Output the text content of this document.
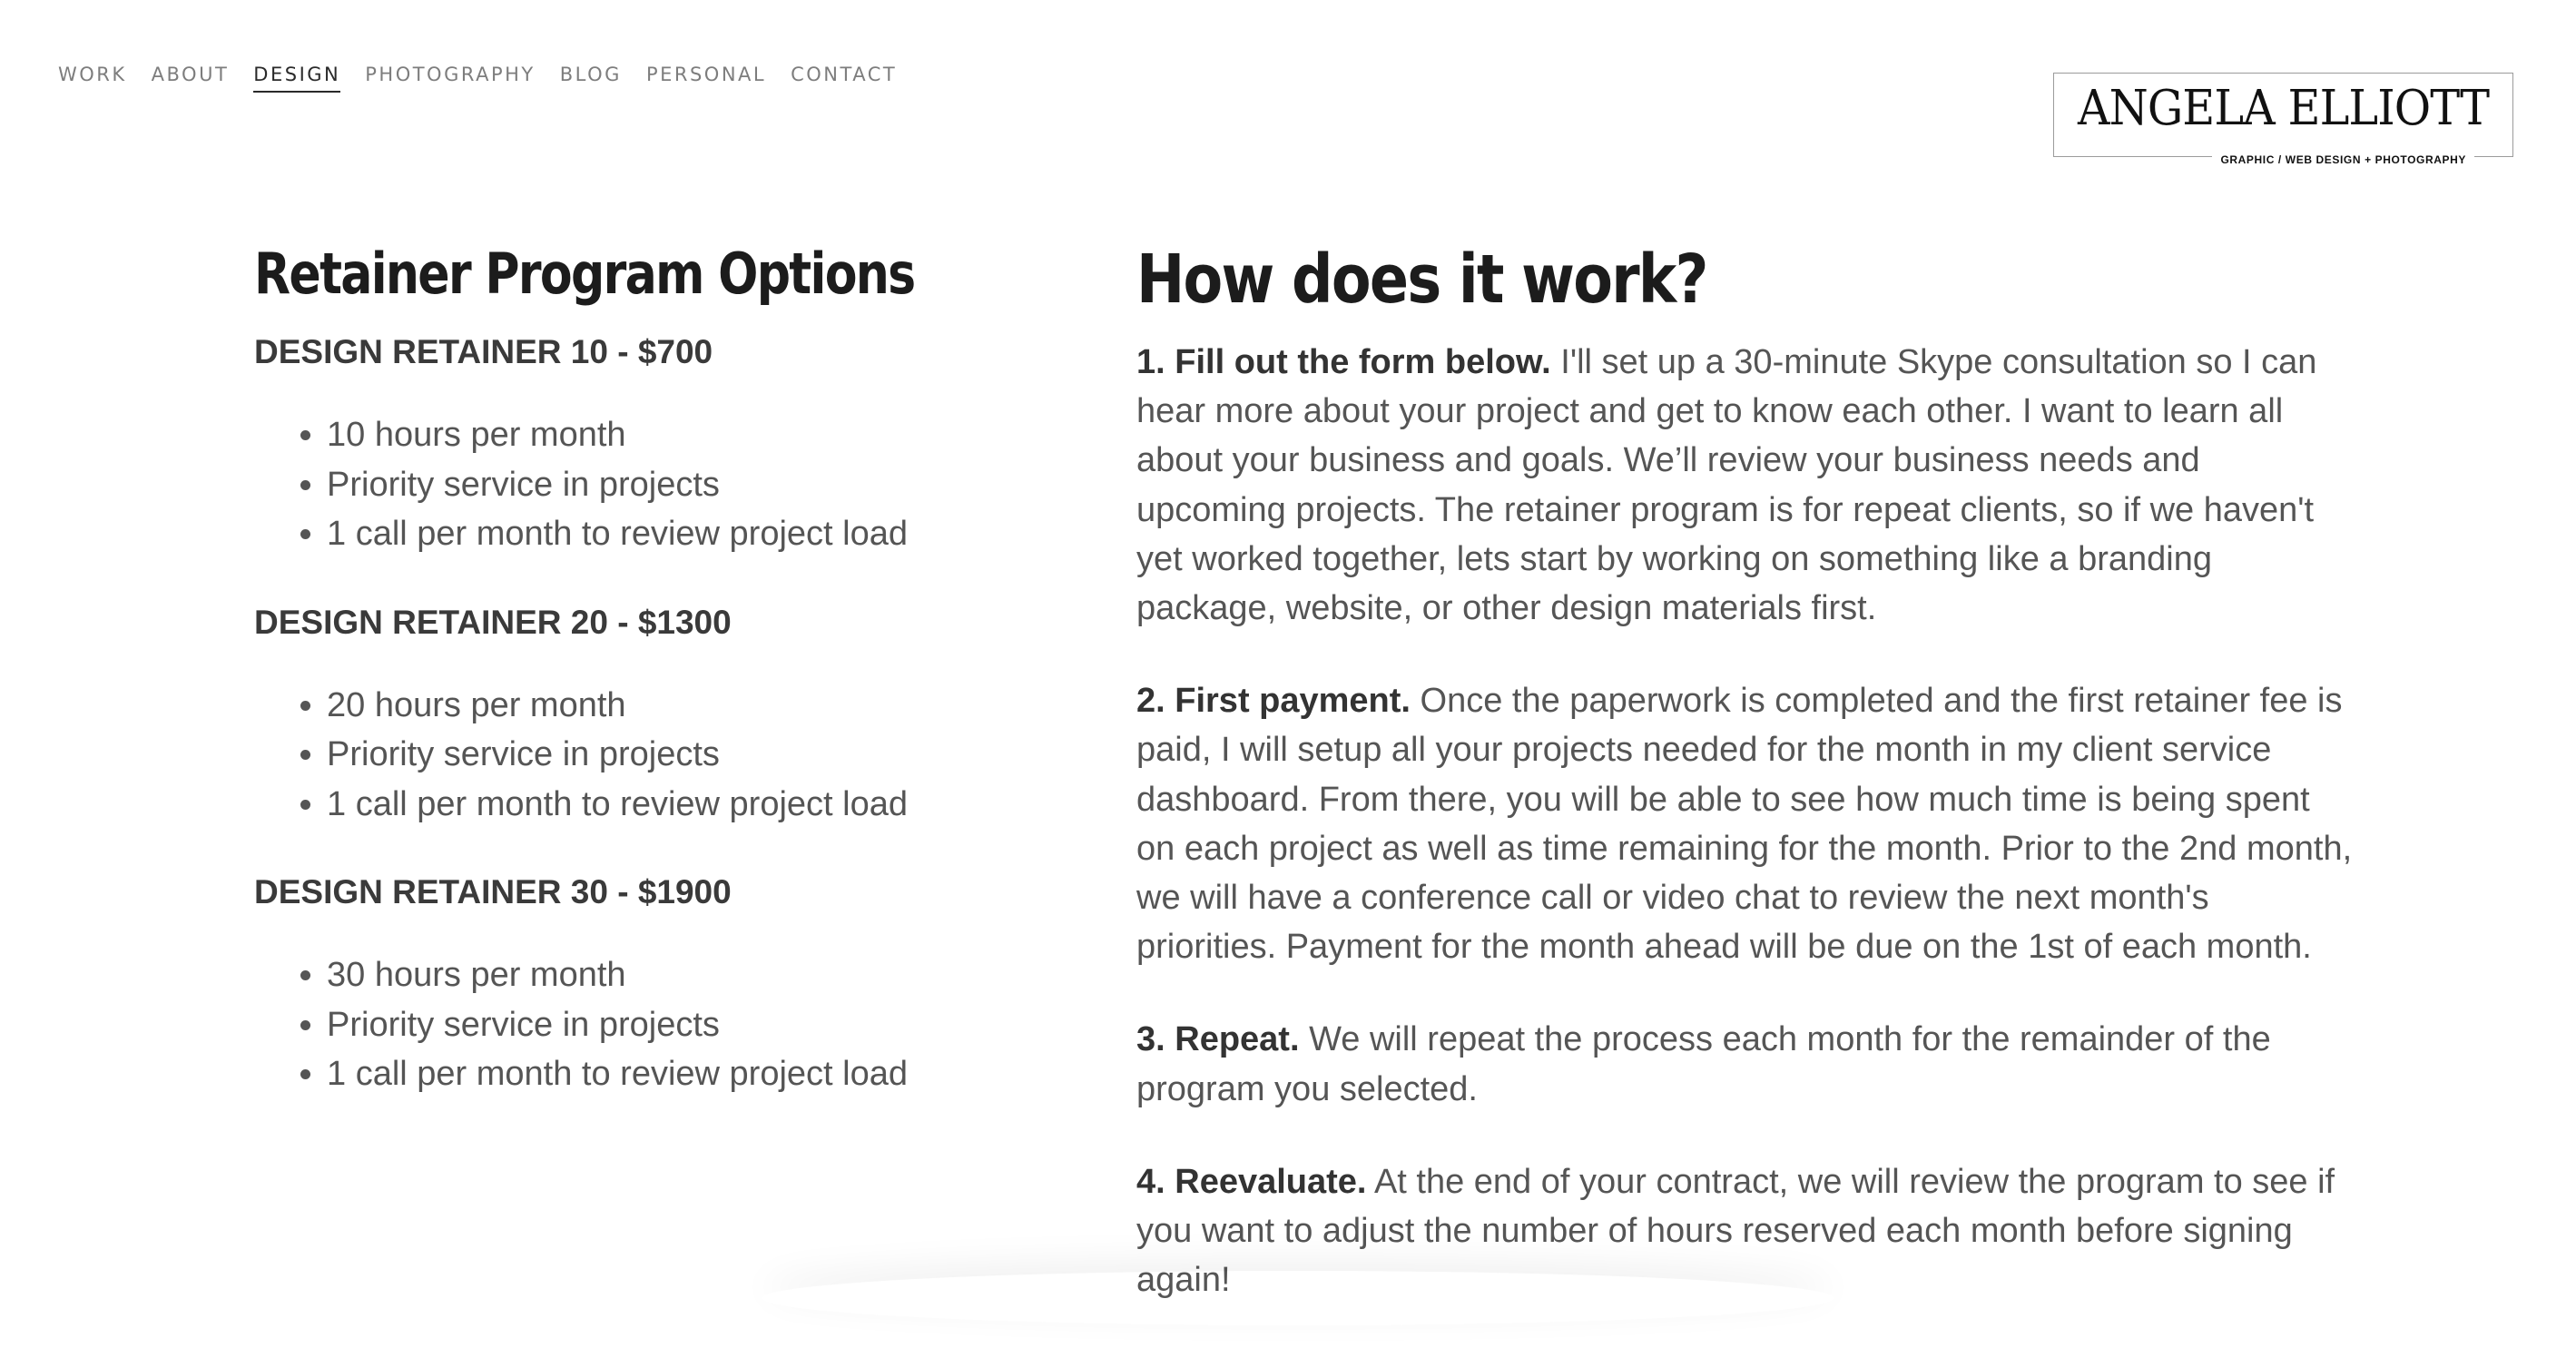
WORK ABOUT DESIGN PHOTOGRAPHY BLOG PERSONAL CONTACT
ANGELA ELLIOTT
GRAPHIC / WEB DESIGN + PHOTOGRAPHY
Retainer Program Options
DESIGN RETAINER 10 - $700
• 10 hours per month
• Priority service in projects
• 1 call per month to review project load
DESIGN RETAINER 20 - $1300
• 20 hours per month
• Priority service in projects
• 1 call per month to review project load
DESIGN RETAINER 30 - $1900
• 30 hours per month
• Priority service in projects
• 1 call per month to review project load
How does it work?

1. Fill out the form below. I'll set up a 30-minute Skype consultation so I can hear more about your project and get to know each other. I want to learn all about your business and goals. We’ll review your business needs and upcoming projects. The retainer program is for repeat clients, so if we haven't yet worked together, lets start by working on something like a branding package, website, or other design materials first.

2. First payment. Once the paperwork is completed and the first retainer fee is paid, I will setup all your projects needed for the month in my client service dashboard. From there, you will be able to see how much time is being spent on each project as well as time remaining for the month. Prior to the 2nd month, we will have a conference call or video chat to review the next month's priorities. Payment for the month ahead will be due on the 1st of each month.

3. Repeat. We will repeat the process each month for the remainder of the program you selected.

4. Reevaluate. At the end of your contract, we will review the program to see if you want to adjust the number of hours reserved each month before signing again!
